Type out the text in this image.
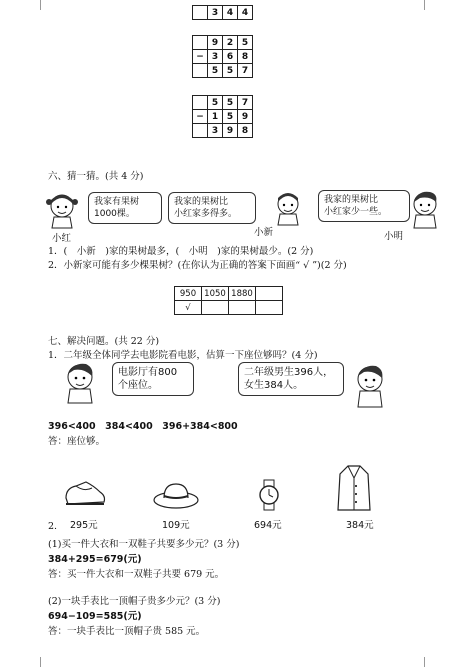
	3	4	4
	9	2	5
−	3	6	8
	5	5	7
	5	5	7
−	1	5	9
	3	9	8
六、猜一猜。(共 4 分)
我家有果树
1000棵。
小红
我家的果树比
小红家多得多。
小新
我家的果树比
小红家少一些。
小明
1．(　小新　)家的果树最多，(　小明　)家的果树最少。(2 分)
2．小新家可能有多少棵果树？(在你认为正确的答案下面画“ √ ”)(2 分)
950	1050	1880	
√			
七、解决问题。(共 22 分)
1．二年级全体同学去电影院看电影，估算一下座位够吗？(4 分)
电影厅有800
个座位。
二年级男生396人，
女生384人。
396<400　384<400　396+384<800
答：座位够。
295元	109元	694元	384元
2.
(1)买一件大衣和一双鞋子共要多少元？(3 分)
384+295=679(元)
答：买一件大衣和一双鞋子共要 679 元。
(2)一块手表比一顶帽子贵多少元？(3 分)
694−109=585(元)
答：一块手表比一顶帽子贵 585 元。
